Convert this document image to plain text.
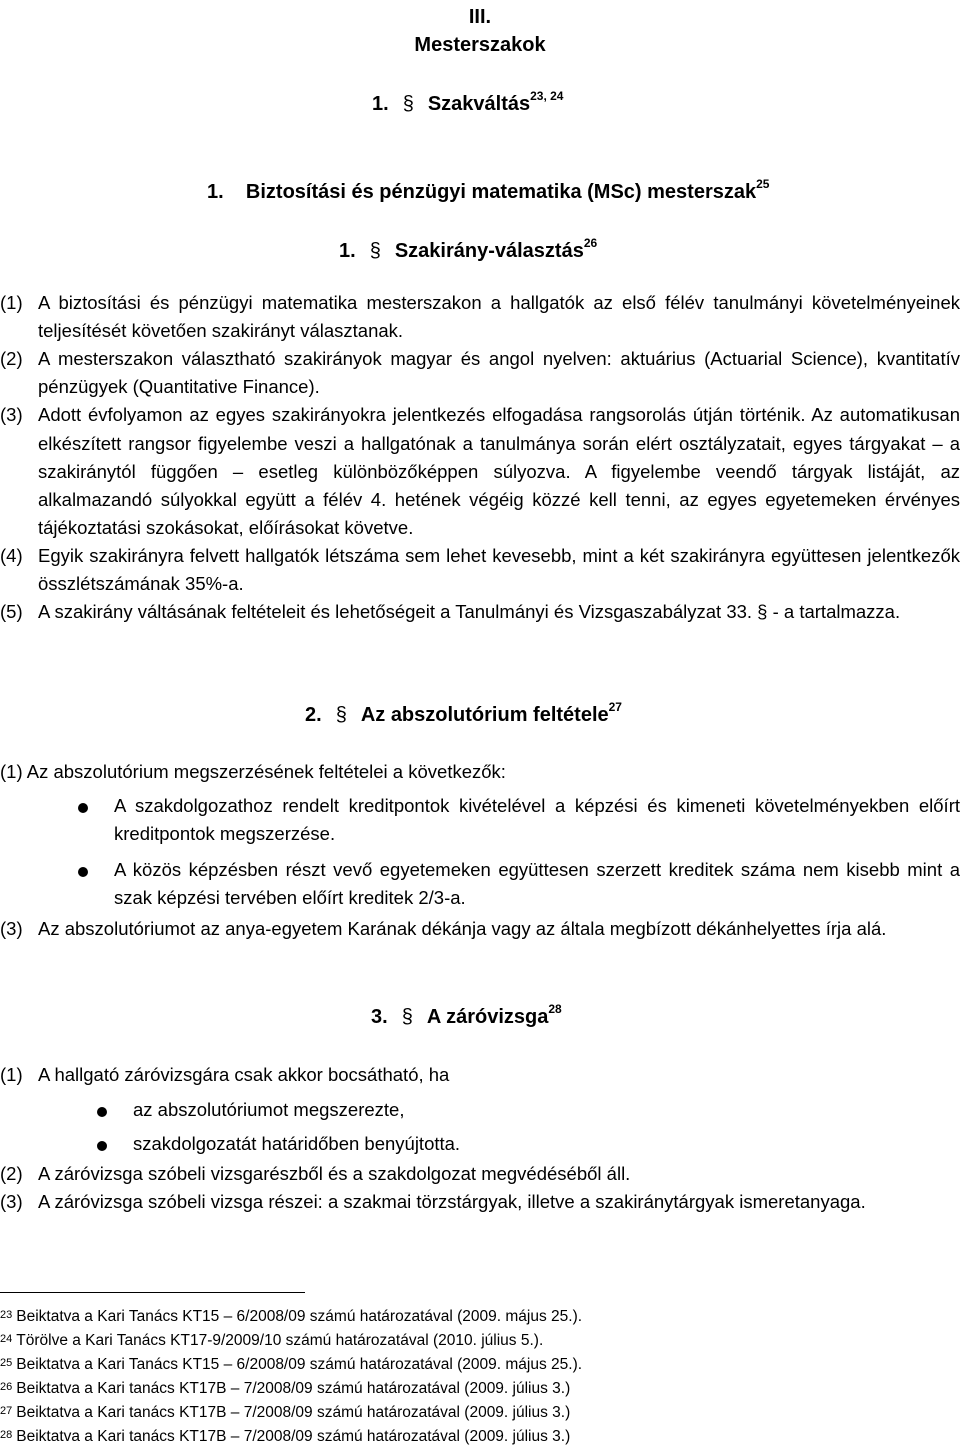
III.
Mesterszakok
1. § Szakváltás$^{23, 24}$
1. Biztosítási és pénzügyi matematika (MSc) mesterszak$^{25}$
1. § Szakirány-választás$^{26}$
(1) A biztosítási és pénzügyi matematika mesterszakon a hallgatók az első félév tanulmányi követelményeinek teljesítését követően szakirányt választanak.
(2) A mesterszakon választható szakirányok magyar és angol nyelven: aktuárius (Actuarial Science), kvantitatív pénzügyek (Quantitative Finance).
(3) Adott évfolyamon az egyes szakirányokra jelentkezés elfogadása rangsorolás útján történik. Az automatikusan elkészített rangsor figyelembe veszi a hallgatónak a tanulmánya során elért osztályzatait, egyes tárgyakat – a szakiránytól függően – esetleg különbözőképpen súlyozva. A figyelembe veendő tárgyak listáját, az alkalmazandó súlyokkal együtt a félév 4. hetének végéig közzé kell tenni, az egyes egyetemeken érvényes tájékoztatási szokásokat, előírásokat követve.
(4) Egyik szakirányra felvett hallgatók létszáma sem lehet kevesebb, mint a két szakirányra együttesen jelentkezők összlétszámának 35%-a.
(5) A szakirány váltásának feltételeit és lehetőségeit a Tanulmányi és Vizsgaszabályzat 33. § - a tartalmazza.
2. § Az abszolutórium feltétele$^{27}$
(1) Az abszolutórium megszerzésének feltételei a következők:
A szakdolgozathoz rendelt kreditpontok kivételével a képzési és kimeneti követelményekben előírt kreditpontok megszerzése.
A közös képzésben részt vevő egyetemeken együttesen szerzett kreditek száma nem kisebb mint a szak képzési tervében előírt kreditek 2/3-a.
(3) Az abszolutóriumot az anya-egyetem Karának dékánja vagy az általa megbízott dékánhelyettes írja alá.
3. § A záróvizsga$^{28}$
(1) A hallgató záróvizsgára csak akkor bocsátható, ha
az abszolutóriumot megszerezte,
szakdolgozatát határidőben benyújtotta.
(2) A záróvizsga szóbeli vizsgarészből és a szakdolgozat megvédéséből áll.
(3) A záróvizsga szóbeli vizsga részei: a szakmai törzstárgyak, illetve a szakiránytárgyak ismeretanyaga.
$^{23}$ Beiktatva a Kari Tanács KT15 – 6/2008/09 számú határozatával (2009. május 25.).
$^{24}$ Törölve a Kari Tanács KT17-9/2009/10 számú határozatával (2010. július 5.).
$^{25}$ Beiktatva a Kari Tanács KT15 – 6/2008/09 számú határozatával (2009. május 25.).
$^{26}$ Beiktatva a Kari tanács KT17B – 7/2008/09 számú határozatával (2009. július 3.)
$^{27}$ Beiktatva a Kari tanács KT17B – 7/2008/09 számú határozatával (2009. július 3.)
$^{28}$ Beiktatva a Kari tanács KT17B – 7/2008/09 számú határozatával (2009. július 3.)
